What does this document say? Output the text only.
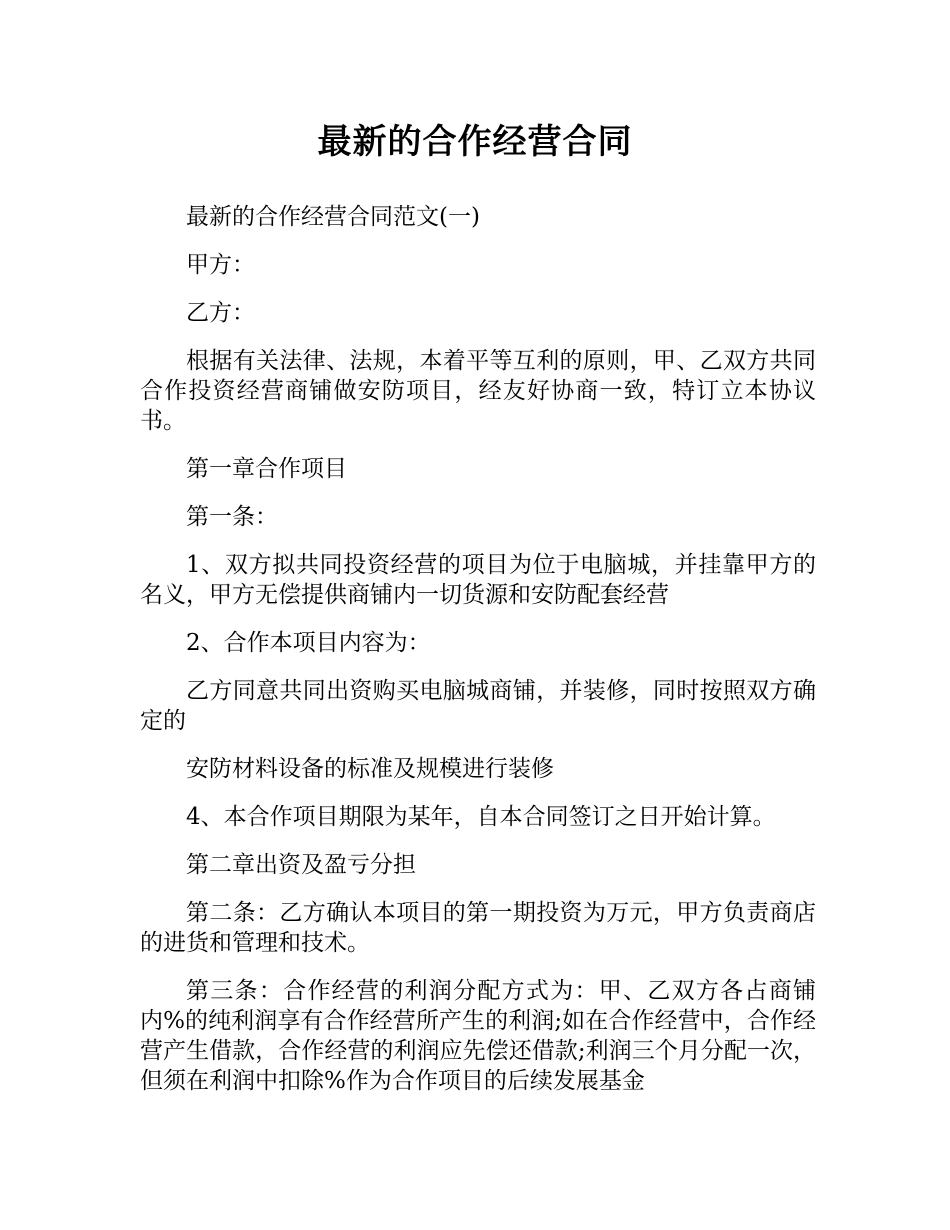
最新的合作经营合同

最新的合作经营合同范文(一)

甲方：

乙方：

根据有关法律、法规，本着平等互利的原则，甲、乙双方共同合作投资经营商铺做安防项目，经友好协商一致，特订立本协议书。

第一章合作项目

第一条：

1、双方拟共同投资经营的项目为位于电脑城，并挂靠甲方的名义，甲方无偿提供商铺内一切货源和安防配套经营

2、合作本项目内容为：

乙方同意共同出资购买电脑城商铺，并装修，同时按照双方确定的

安防材料设备的标准及规模进行装修

4、本合作项目期限为某年，自本合同签订之日开始计算。

第二章出资及盈亏分担

第二条：乙方确认本项目的第一期投资为万元，甲方负责商店的进货和管理和技术。

第三条：合作经营的利润分配方式为：甲、乙双方各占商铺内%的纯利润享有合作经营所产生的利润;如在合作经营中，合作经营产生借款，合作经营的利润应先偿还借款;利润三个月分配一次，但须在利润中扣除%作为合作项目的后续发展基金
